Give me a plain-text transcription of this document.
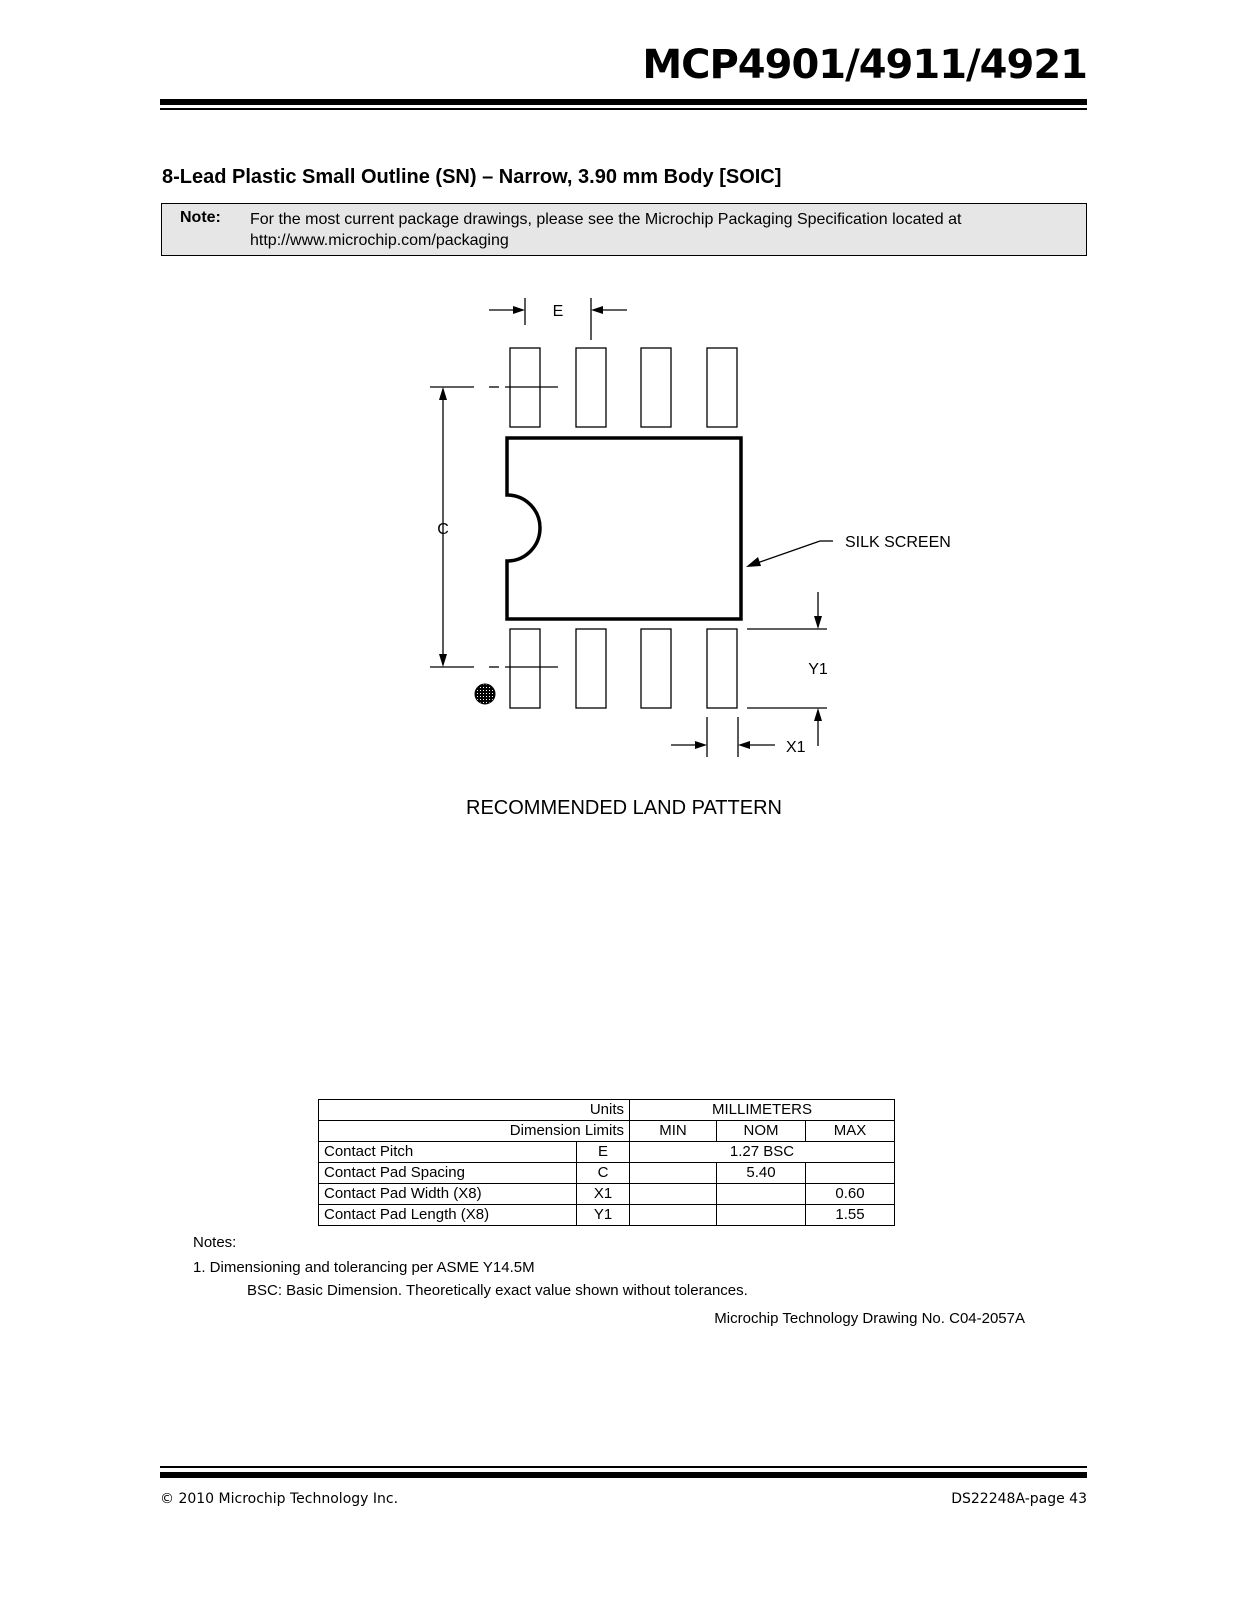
MCP4901/4911/4921
8-Lead Plastic Small Outline (SN) – Narrow, 3.90 mm Body [SOIC]
Note: For the most current package drawings, please see the Microchip Packaging Specification located at http://www.microchip.com/packaging
E
C
SILK SCREEN
Y1
X1
RECOMMENDED LAND PATTERN
Units		MILLIMETERS		
Dimension Limits		MIN	NOM	MAX
Contact Pitch	E	1.27 BSC		
Contact Pad Spacing	C		5.40	
Contact Pad Width (X8)	X1			0.60
Contact Pad Length (X8)	Y1			1.55
Notes:
1. Dimensioning and tolerancing per ASME Y14.5M
BSC: Basic Dimension. Theoretically exact value shown without tolerances.
Microchip Technology Drawing No. C04-2057A
© 2010 Microchip Technology Inc.	DS22248A-page 43
